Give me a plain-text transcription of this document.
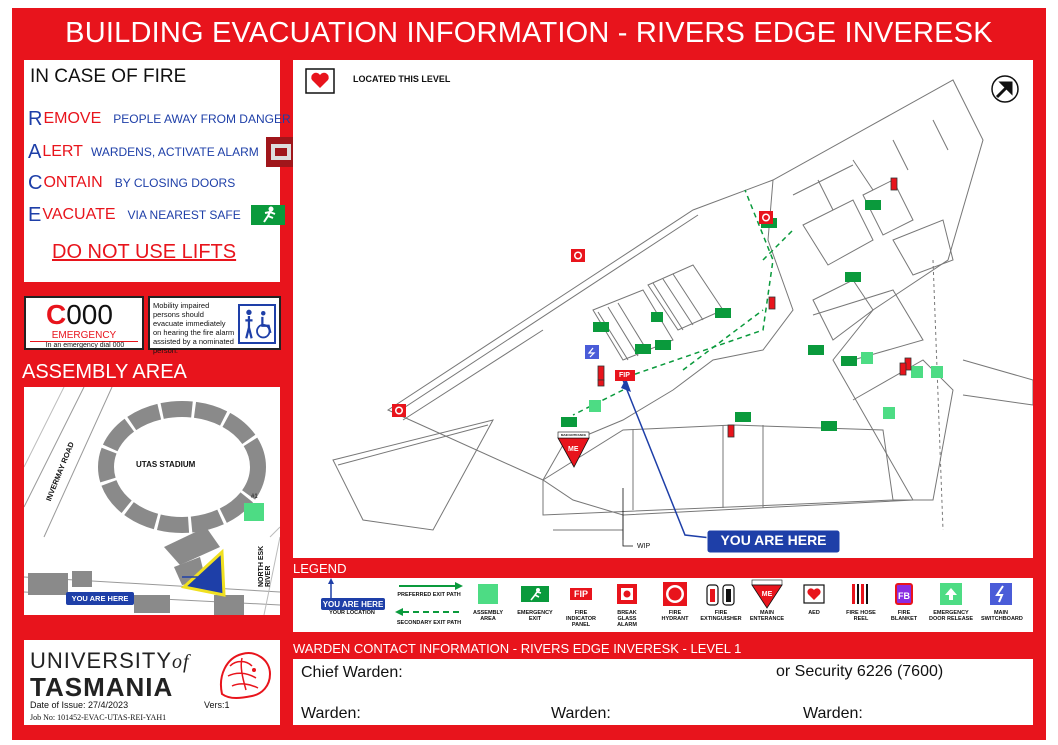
BUILDING EVACUATION INFORMATION - RIVERS EDGE INVERESK
IN CASE OF FIRE
R EMOVE PEOPLE AWAY FROM DANGER
A LERT WARDENS, ACTIVATE ALARM
C ONTAIN BY CLOSING DOORS
E VACUATE VIA NEAREST SAFE
DO NOT USE LIFTS
C000
EMERGENCY
In an emergency dial 000
Mobility impaired persons should evacuate immediately on hearing the fire alarm assisted by a nominated person.
ASSEMBLY AREA
UTAS STADIUM
INVERMAY ROAD
NORTH ESK RIVER
#1
YOU ARE HERE
LOCATED THIS LEVEL
FIP
ME
MAIN ENTRANCE
YOU ARE HERE
WIP
LEGEND
YOU ARE HERE
YOUR LOCATION
PREFERRED EXIT PATH
SECONDARY EXIT PATH
ASSEMBLY AREA
EMERGENCY EXIT
FIP
FIRE INDICATOR PANEL
BREAK GLASS ALARM
FIRE HYDRANT
FIRE EXTINGUISHER
ME
MAIN ENTERANCE
AED	FIRE HOSE REEL
FB
FIRE BLANKET
EMERGENCY DOOR RELEASE
MAIN SWITCHBOARD
UNIVERSITYof
TASMANIA
Date of Issue: 27/4/2023	Vers:1
Job No: 101452-EVAC-UTAS-REI-YAH1
WARDEN CONTACT INFORMATION - RIVERS EDGE INVERESK - LEVEL 1
Chief Warden:	or Security 6226 (7600)
Warden:	Warden:	Warden:
